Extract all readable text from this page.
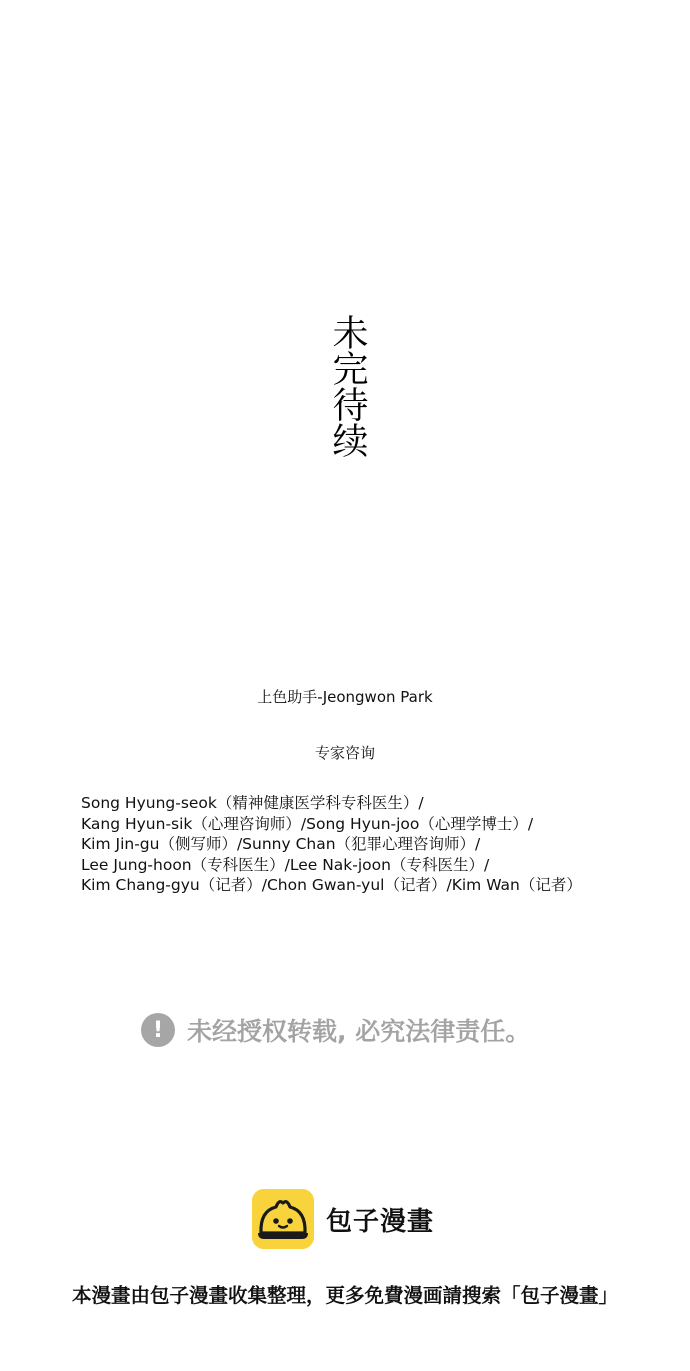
未完待续
上色助手-Jeongwon Park
专家咨询
Song Hyung-seok（精神健康医学科专科医生）/
Kang Hyun-sik（心理咨询师）/Song Hyun-joo（心理学博士）/
Kim Jin-gu（侧写师）/Sunny Chan（犯罪心理咨询师）/
Lee Jung-hoon（专科医生）/Lee Nak-joon（专科医生）/
Kim Chang-gyu（记者）/Chon Gwan-yul（记者）/Kim Wan（记者）
! 未经授权转载, 必究法律责任。
包子漫畫
本漫畫由包子漫畫收集整理，更多免費漫画請搜索「包子漫畫」
